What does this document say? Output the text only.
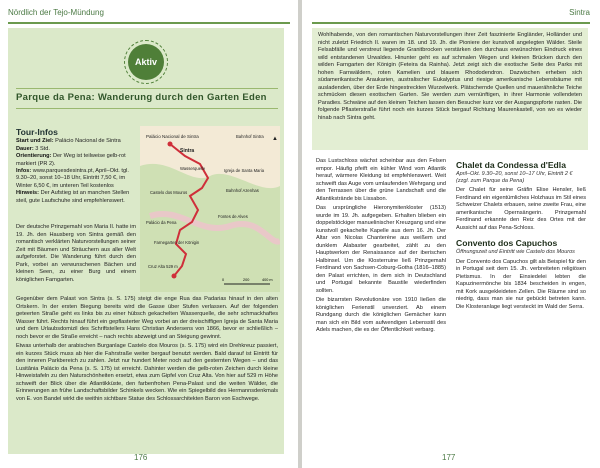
Nördlich der Tejo-Mündung
Aktiv
Parque da Pena: Wanderung durch den Garten Eden
Tour-Infos

Start und Ziel: Palácio Nacional de Sintra

Dauer: 3 Std.

Orientierung: Der Weg ist teilweise gelb-rot markiert (PR 2).

Infos: www.parquesdesintra.pt, April–Okt. tgl. 9.30–20, sonst 10–18 Uhr, Eintritt 7,50 €, im Winter 6,50 €, im unteren Teil kostenlos

Hinweis: Der Aufstieg ist an manchen Stellen steil, gute Laufschuhe sind empfehlenswert.

Palácio Nacional de Sintra
Sintra
Bahnhof Sintra
Wasserquelle	Igreja de Santa Maria
Castelo dos Mouros	Bahnhof Azenhas
Fontes de Alves
Palácio da Pena
Farnegarten der Königin
Cruz Alta 529 m
0	200	400 m
▲

Der deutsche Prinzgemahl von Maria II. hatte im 19. Jh. den Hausberg von Sintra gemäß den romantisch verklärten Naturvorstellungen seiner Zeit mit Bäumen und Sträuchern aus aller Welt aufgeforstet. Die Wanderung führt durch den Park, vorbei an verwunschenen Bächen und kleinen Seen, zu einer Burg und einem königlichen Farngarten.

Gegenüber dem Palast von Sintra (s. S. 175) steigt die enge Rua das Padarias hinauf in den alten Ortskern. In der ersten Biegung bereits wird die Gasse über Stufen verlassen. Auf der folgenden geteerten Straße geht es links bis zu einer hübsch gekachelten Wasserquelle, die sehr schmackhaftes Wasser führt. Rechts hinauf führt ein gepflasterter Weg vorbei an der dreischiffigen Igreja de Santa Maria und dem Urlaubsdomizil des Schriftstellers Hans Christian Andersens von 1866, bevor er schließlich – noch bevor er die Straße erreicht – nach rechts abzweigt und an Steigung gewinnt.

Etwas unterhalb der arabischen Burganlage Castelo dos Mouros (s. S. 175) wird ein Drehkreuz passiert, ein kurzes Stück muss ab hier die Fahrstraße weiter bergauf benutzt werden. Bald darauf ist Eintritt für den inneren Parkbereich zu zahlen. Jetzt nur hundert Meter noch auf den gesternten Wegen – und das Lusitânia Palácio da Pena (s. S. 175) ist erreicht. Dahinter werden die gelb-roten Zeichen durch kleine Hinweistafeln zu den Naturschönheiten ersetzt, etwa zum Gipfel von Cruz Alta. Von hier auf 529 m Höhe schweift der Blick über die Atlantikküste, den farbenfrohen Pena-Palast und die weiten Wälder, die Erinnerungen an frühe Landschaftsbilder Schinkels wecken. Wie ein Spiegelbild des Hermannsdenkmals von E. von Bandel wirkt die weithin sichtbare Statue des Schlossarchitekten Baron von Eschwege.

176
Sintra

Wohlhabende, von den romantischen Naturvorstellungen ihrer Zeit faszinierte Engländer, Holländer und nicht zuletzt Friedrich II. waren im 18. und 19. Jh. die Pioniere der kunstvoll angelegten Wälder. Steile Felsabfälle und verstreut liegende Granitbrocken verstärken den durchaus erwünschten Eindruck eines wild entstandenen Urwaldes. Hinunter geht es auf schmalen Wegen und kleinen Brücken durch den wilden Farngarten der Königin (Feteira da Rainha). Jetzt zeigt sich die exotische Seite des Parks mit hohen Farnwäldern, roten Kamelien und blauem Rhododendron. Dazwischen erheben sich südamerikanische Araukarien, australischer Eukalyptus und riesige amerikanische Lebensbäume mit ausladenden, über der Erde hingestreckten Wurzelwerk. Plätschernde Quellen und mauerähnliche Teiche schmücken diesen exotischen Garten. Sie werden zum vernünftigen, in ihrer Harmonie vollendeten Paradies. Schwäne auf den kleinen Teichen lassen den Besucher kurz vor der Ausgangspforte rasten. Die folgende Pflasterstraße führt noch ein kurzes Stück bergauf Richtung Maurenkastell, von wo es wieder hinab nach Sintra geht.

Das Lustschloss wächst scheinbar aus den Felsen empor. Häufig pfeift ein kühler Wind vom Atlantik herauf, wärmere Kleidung ist empfehlenswert. Weit schweift das Auge vom umlaufenden Wehrgang und den Terrassen über die grüne Landschaft und die Atlantikstrände bis Lissabon.

Das ursprüngliche Hieronymitenkloster (1513) wurde im 19. Jh. aufgegeben. Erhalten blieben ein doppelstöckiger manuelinischer Kreuzgang und eine kunstvoll gekachelte Kapelle aus dem 16. Jh. Der Altar von Nicolas Chanterène aus weißem und dunklem Alabaster gearbeitet, zählt zu den Hauptwerken der Renaissance auf der iberischen Halbinsel. Um die Klosterruine ließ Prinzgemahl Ferdinand von Sachsen-Coburg-Gotha (1816–1885) den Palast errichten, in dem sich in Deutschland und Portugal bekannte Baustile wiederfinden sollten.

Die bizarrsten Revolutionäre von 1910 ließen die königlichen Ferienstil unverziert. Ab einem Rundgang durch die königlichen Gemächer kann man sich ein Bild vom aufwendigen Lebensstil des Adels machen, die es der Öffentlichkeit verbarg.

Chalet da Condessa d'Edla
April–Okt. 9.30–20, sonst 10–17 Uhr, Eintritt 2 € (zzgl. zum Parque da Pena)

Der Chalet für seine Gräfin Elise Hensler, ließ Ferdinand ein eigentümliches Holzhaus im Stil eines Schweizer Chalets erbauen, seine zweite Frau, eine amerikanische Opernsängerin. Prinzgemahl Ferdinand erkannte den Reiz des Ortes mit der Aussicht auf das Pena-Schloss.

Convento dos Capuchos
Öffnungszeit und Eintritt wie Castelo dos Mouros

Der Convento dos Capuchos gilt als Beispiel für den in Portugal seit dem 15. Jh. verbreiteten religiösen Pietismus. In der Einsiedelei lebten die Kapuzinermönche bis 1834 bescheiden in engen, mit Kork ausgekleideten Zellen. Die Räume sind so niedrig, dass man sie nur gebückt betreten kann. Die Klosteranlage liegt versteckt im Wald der Serra.

177
